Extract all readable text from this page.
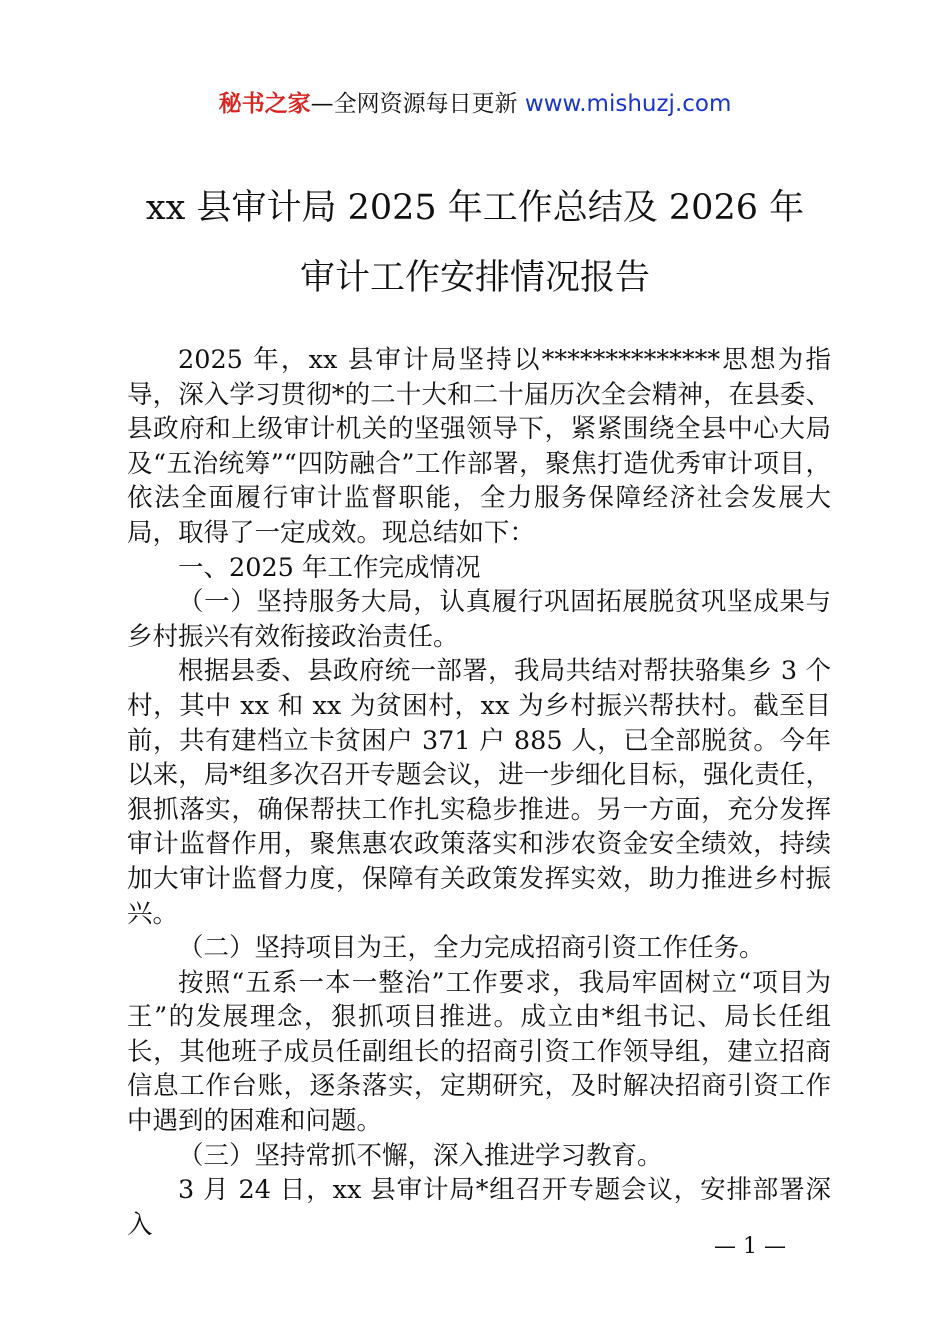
秘书之家—全网资源每日更新 www.mishuzj.com
xx 县审计局 2025 年工作总结及 2026 年
审计工作安排情况报告

2025 年，xx 县审计局坚持以**************思想为指导，深入学习贯彻*的二十大和二十届历次全会精神，在县委、县政府和上级审计机关的坚强领导下，紧紧围绕全县中心大局及“五治统筹”“四防融合”工作部署，聚焦打造优秀审计项目，依法全面履行审计监督职能，全力服务保障经济社会发展大局，取得了一定成效。现总结如下：

一、2025 年工作完成情况

（一）坚持服务大局，认真履行巩固拓展脱贫巩坚成果与乡村振兴有效衔接政治责任。

根据县委、县政府统一部署，我局共结对帮扶骆集乡 3 个村，其中 xx 和 xx 为贫困村，xx 为乡村振兴帮扶村。截至目前，共有建档立卡贫困户 371 户 885 人，已全部脱贫。今年以来，局*组多次召开专题会议，进一步细化目标，强化责任，狠抓落实，确保帮扶工作扎实稳步推进。另一方面，充分发挥审计监督作用，聚焦惠农政策落实和涉农资金安全绩效，持续加大审计监督力度，保障有关政策发挥实效，助力推进乡村振兴。

（二）坚持项目为王，全力完成招商引资工作任务。

按照“五系一本一整治”工作要求，我局牢固树立“项目为王”的发展理念，狠抓项目推进。成立由*组书记、局长任组长，其他班子成员任副组长的招商引资工作领导组，建立招商信息工作台账，逐条落实，定期研究，及时解决招商引资工作中遇到的困难和问题。

（三）坚持常抓不懈，深入推进学习教育。

3 月 24 日，xx 县审计局*组召开专题会议，安排部署深入

— 1 —
